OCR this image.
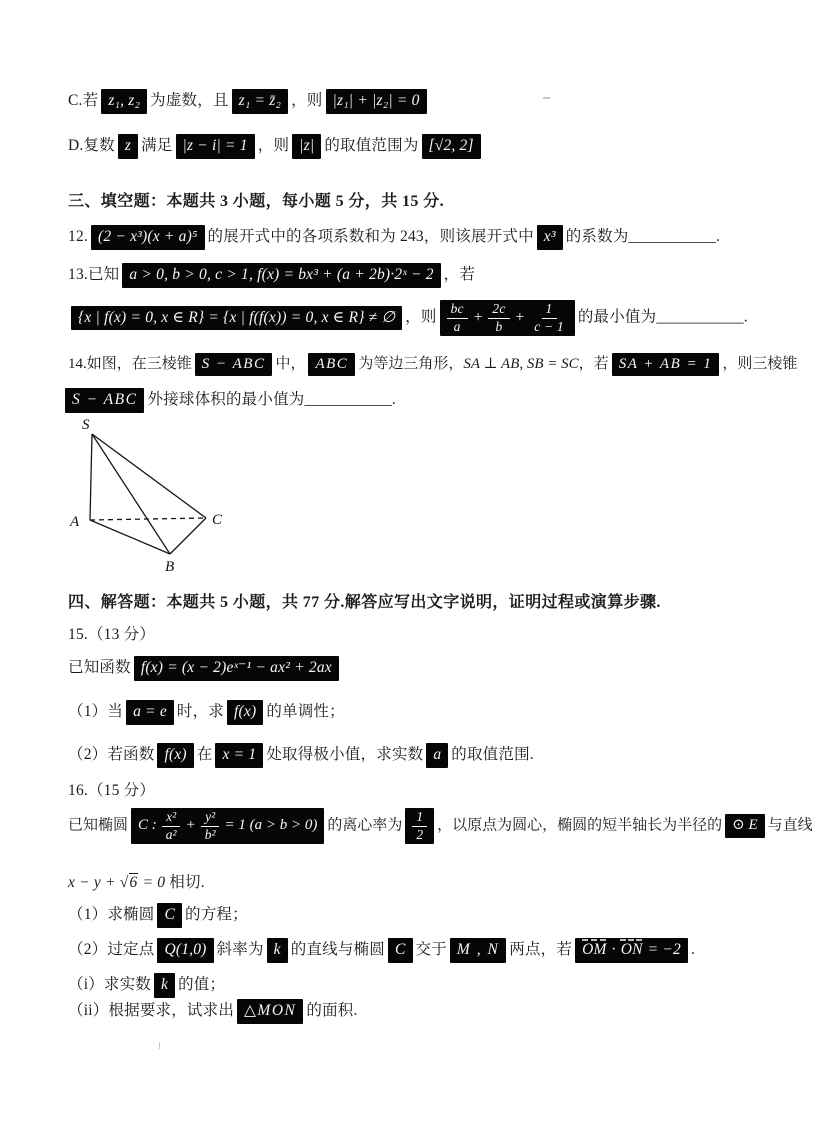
C.若 z₁, z₂ 为虚数，且 z₁ = z̄₂ ，则 |z₁| + |z₂| = 0
D.复数 z 满足 |z − i| = 1 ，则 |z| 的取值范围为 [√2, 2]
三、填空题：本题共 3 小题，每小题 5 分，共 15 分.
12. (2 − x³)(x + a)⁵ 的展开式中的各项系数和为 243，则该展开式中 x³ 的系数为___________.
13.已知 a > 0, b > 0, c > 1, f(x) = bx³ + (a + 2b)·2ˣ − 2 ，若
{x | f(x) = 0, x ∈ R} = {x | f(f(x)) = 0, x ∈ R} ≠ ∅ ，则 $\frac{bc}{a} + \frac{2c}{b} + \frac{1}{c - 1}$ 的最小值为___________.
14.如图，在三棱锥 S − ABC 中， ABC 为等边三角形，SA ⊥ AB, SB = SC，若 SA + AB = 1 ，则三棱锥
S − ABC 外接球体积的最小值为___________.
S
A	C
B
四、解答题：本题共 5 小题，共 77 分.解答应写出文字说明，证明过程或演算步骤.
15.（13 分）
已知函数 f(x) = (x − 2)eˣ⁻¹ − ax² + 2ax
（1）当 a = e 时，求 f(x) 的单调性；
（2）若函数 f(x) 在 x = 1 处取得极小值，求实数 a 的取值范围.
16.（15 分）
已知椭圆 C : $\frac{\text{x²}}{\text{a²}} + \frac{\text{y²}}{\text{b²}} = 1$ (a > b > 0) 的离心率为 $\frac{1}{2}$ ，以原点为圆心，椭圆的短半轴长为半径的 ⊙ E 与直线
x − y + √6 = 0 相切.
（1）求椭圆 C 的方程；
（2）过定点 Q(1,0) 斜率为 k 的直线与椭圆 C 交于 M , N 两点，若 OM · ON = −2 .
（i）求实数 k 的值；
（ii）根据要求，试求出 △MON 的面积.
